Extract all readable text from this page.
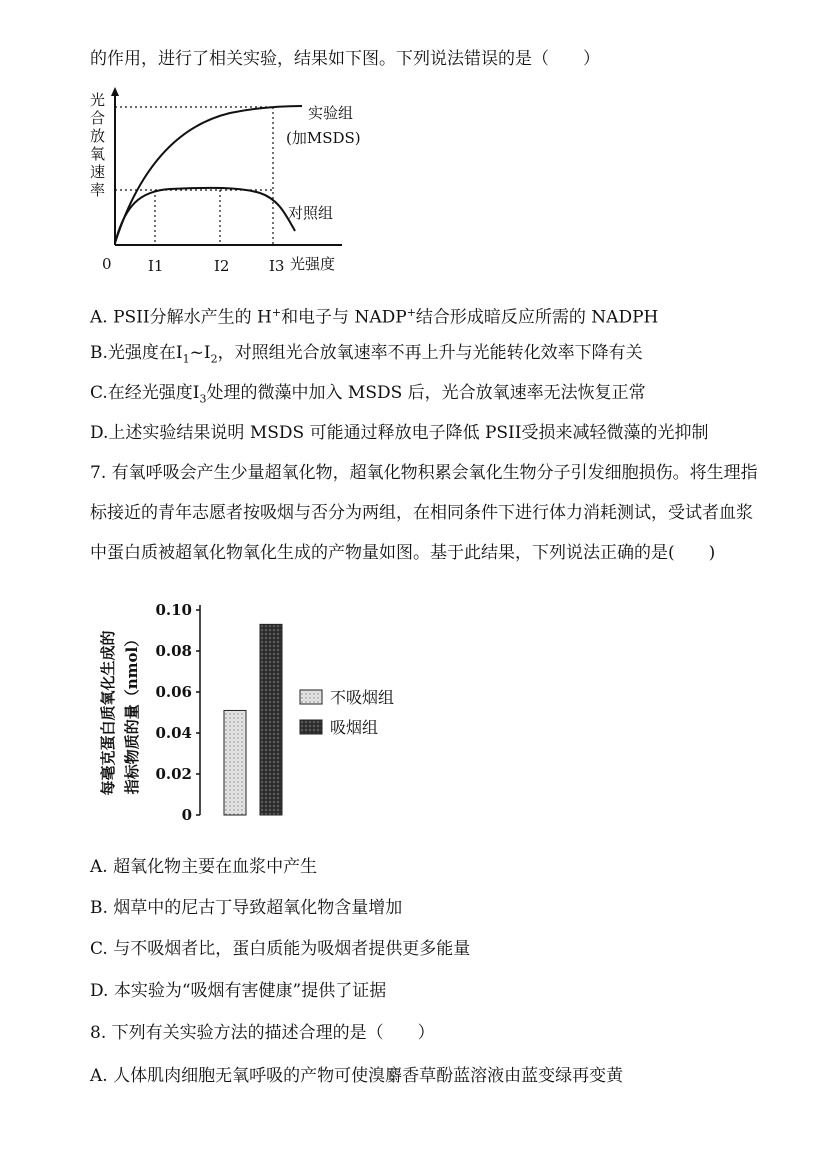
的作用，进行了相关实验，结果如下图。下列说法错误的是（　　）
光合放氧速率
0 I1	I2	I3 光强度
实验组
(加MSDS)
对照组
A. PSII分解水产生的 H+和电子与 NADP+结合形成暗反应所需的 NADPH
B.光强度在$I_1\sim I_2$，对照组光合放氧速率不再上升与光能转化效率下降有关
C.在经光强度$I_3$处理的微藻中加入 MSDS 后，光合放氧速率无法恢复正常
D.上述实验结果说明 MSDS 可能通过释放电子降低 PSII受损来减轻微藻的光抑制
7. 有氧呼吸会产生少量超氧化物，超氧化物积累会氧化生物分子引发细胞损伤。将生理指
标接近的青年志愿者按吸烟与否分为两组，在相同条件下进行体力消耗测试，受试者血浆
中蛋白质被超氧化物氧化生成的产物量如图。基于此结果，下列说法正确的是(　　)
每毫克蛋白质氧化生成的 指标物质的量（nmol）
0
0.02
0.04
0.06
0.08
0.10
不吸烟组
吸烟组
A. 超氧化物主要在血浆中产生
B. 烟草中的尼古丁导致超氧化物含量增加
C. 与不吸烟者比，蛋白质能为吸烟者提供更多能量
D. 本实验为“吸烟有害健康”提供了证据
8. 下列有关实验方法的描述合理的是（　　）
A. 人体肌肉细胞无氧呼吸的产物可使溴麝香草酚蓝溶液由蓝变绿再变黄
